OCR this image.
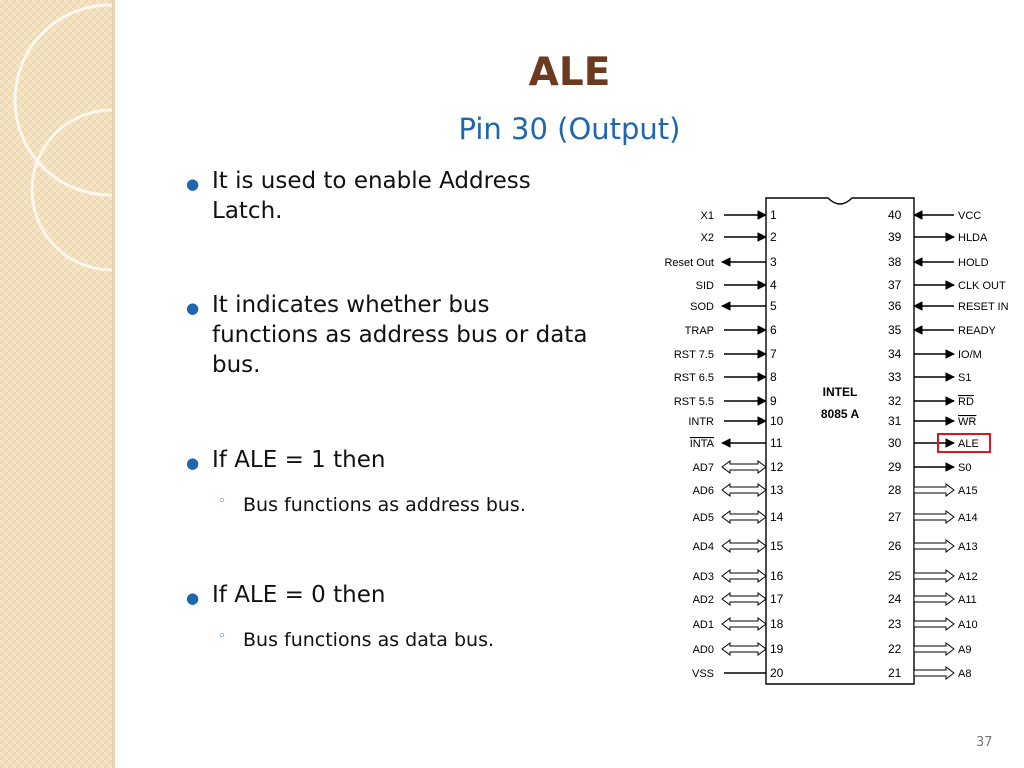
ALE
Pin 30 (Output)
● It is used to enable Address
Latch.
● It indicates whether bus
functions as address bus or data
bus.
● If ALE = 1 then
◦ Bus functions as address bus.
● If ALE = 0 then
◦ Bus functions as data bus.
INTEL
8085 A
X1	1
X2	2
Reset Out	3
SID	4
SOD	5
TRAP	6
RST 7.5	7
RST 6.5	8
RST 5.5	9
INTR	10
INTA	11
AD7	12
AD6	13
AD5	14
AD4	15
AD3	16
AD2	17
AD1	18
AD0	19
VSS	20
40	VCC
39	HLDA
38	HOLD
37	CLK OUT
36	RESET IN
35	READY
34	IO/M
33	S1
32	RD
31	WR
30	ALE
29	S0
28	A15
27	A14
26	A13
25	A12
24	A11
23	A10
22	A9
21	A8
37
